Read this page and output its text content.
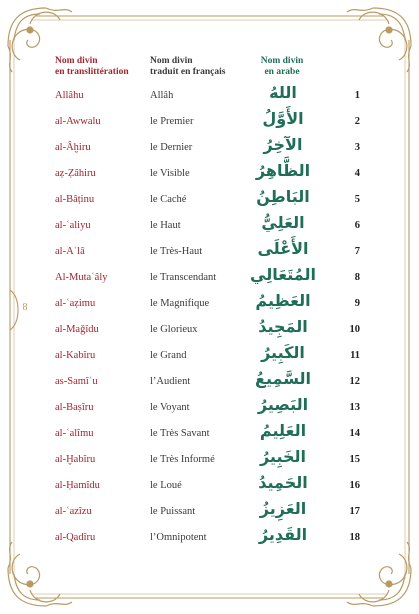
8
Nom divin
en translittération
Nom divin
traduit en français
Nom divin
en arabe
Allâhu	Allâh	اللهُ	1
al-Awwalu	le Premier	الأَوَّلُ	2
al-Âḫiru	le Dernier	الآخِرُ	3
aẓ-Ẓâhiru	le Visible	الظَّاهِرُ	4
al-Bâṭinu	le Caché	البَاطِنُ	5
al-ʿaliyu	le Haut	العَلِيُّ	6
al-Aʿlâ	le Très-Haut	الأَعْلَى	7
Al-Mutaʿâly	le Transcendant	المُتَعَالِي	8
al-ʿaẓimu	le Magnifique	العَظِيمُ	9
al-Maǧîdu	le Glorieux	المَجِيدُ	10
al-Kabîru	le Grand	الكَبِيرُ	11
as-Samîʿu	l’Audient	السَّمِيعُ	12
al-Baṣîru	le Voyant	البَصِيرُ	13
al-ʿalîmu	le Très Savant	العَلِيمُ	14
al-Ḫabîru	le Très Informé	الخَبِيرُ	15
al-Ḥamîdu	le Loué	الحَمِيدُ	16
al-ʿazîzu	le Puissant	العَزِيزُ	17
al-Qadîru	l’Omnipotent	القَدِيرُ	18
